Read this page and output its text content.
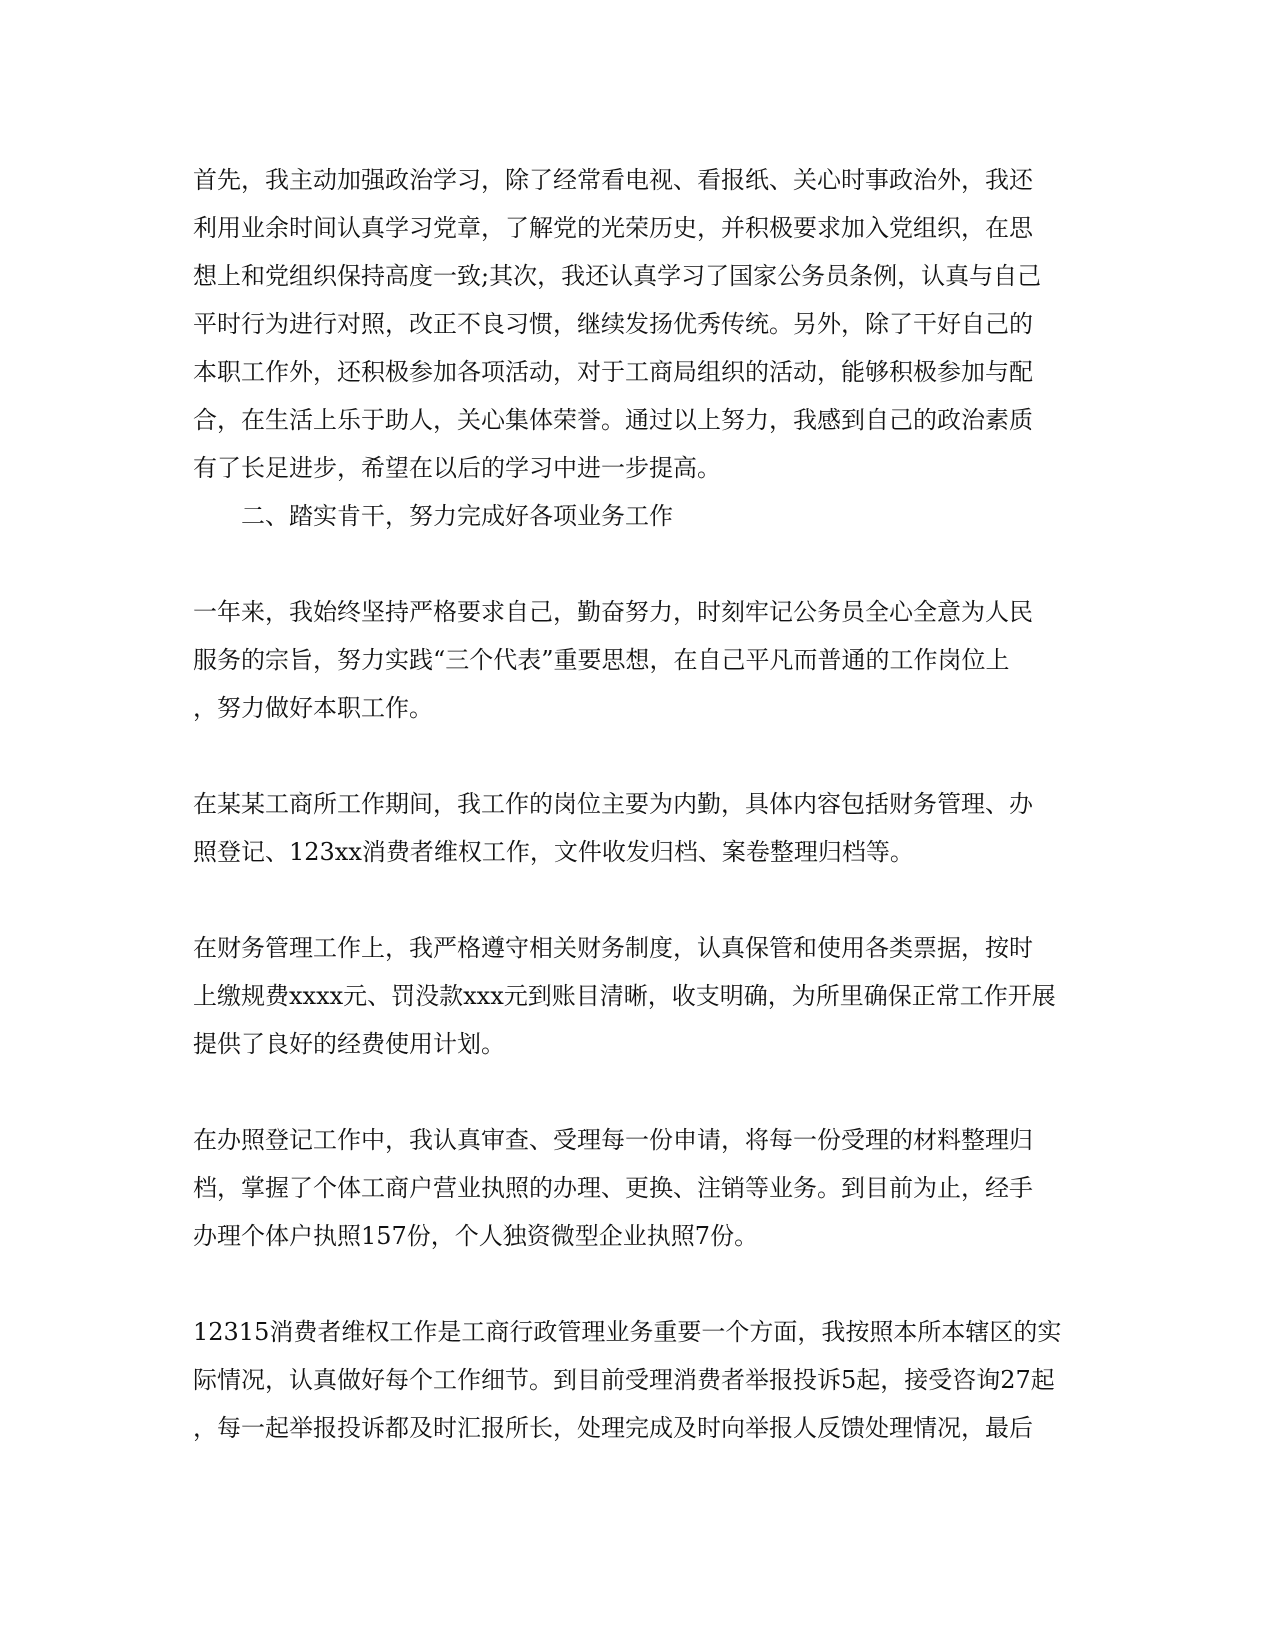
首先，我主动加强政治学习，除了经常看电视、看报纸、关心时事政治外，我还
利用业余时间认真学习党章，了解党的光荣历史，并积极要求加入党组织，在思
想上和党组织保持高度一致;其次，我还认真学习了国家公务员条例，认真与自己
平时行为进行对照，改正不良习惯，继续发扬优秀传统。另外，除了干好自己的
本职工作外，还积极参加各项活动，对于工商局组织的活动，能够积极参加与配
合，在生活上乐于助人，关心集体荣誉。通过以上努力，我感到自己的政治素质
有了长足进步，希望在以后的学习中进一步提高。
二、踏实肯干，努力完成好各项业务工作
一年来，我始终坚持严格要求自己，勤奋努力，时刻牢记公务员全心全意为人民
服务的宗旨，努力实践“三个代表”重要思想，在自己平凡而普通的工作岗位上
，努力做好本职工作。
在某某工商所工作期间，我工作的岗位主要为内勤，具体内容包括财务管理、办
照登记、123xx消费者维权工作，文件收发归档、案卷整理归档等。
在财务管理工作上，我严格遵守相关财务制度，认真保管和使用各类票据，按时
上缴规费xxxx元、罚没款xxx元到账目清晰，收支明确，为所里确保正常工作开展
提供了良好的经费使用计划。
在办照登记工作中，我认真审查、受理每一份申请，将每一份受理的材料整理归
档，掌握了个体工商户营业执照的办理、更换、注销等业务。到目前为止，经手
办理个体户执照157份，个人独资微型企业执照7份。
12315消费者维权工作是工商行政管理业务重要一个方面，我按照本所本辖区的实
际情况，认真做好每个工作细节。到目前受理消费者举报投诉5起，接受咨询27起
，每一起举报投诉都及时汇报所长，处理完成及时向举报人反馈处理情况，最后
